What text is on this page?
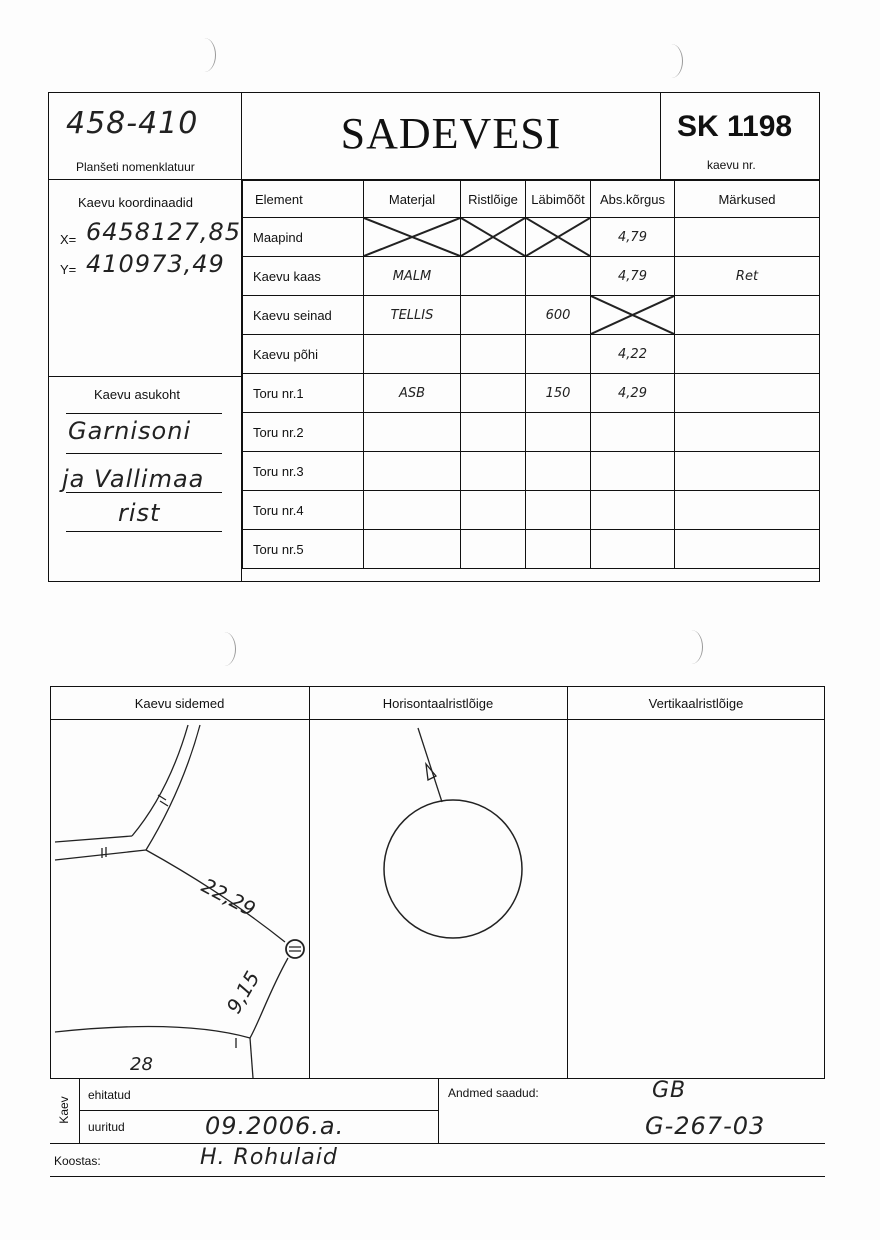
458-410
Planšeti nomenklatuur
SADEVESI	SK 1198
kaevu nr.
Kaevu koordinaadid
X= 6458127,85
Y= 410973,49
Kaevu asukoht
Garnisoni
ja Vallimaa
rist
Element	Materjal	Ristlõige	Läbimõõt	Abs.kõrgus	Märkused
Maapind				4,79	
Kaevu kaas	MALM			4,79	Ret
Kaevu seinad	TELLIS		600	

Kaevu põhi				4,22	
Toru nr.1	ASB		150	4,29	
Toru nr.2					
Toru nr.3					
Toru nr.4					
Toru nr.5					
Kaevu sidemed	Horisontaalristlõige	Vertikaalristlõige
22,29
9,15
28
Kaev
ehitatud
uuritud	09.2006.a.
Andmed saadud:	GB
G-267-03
Koostas:	H. Rohulaid
